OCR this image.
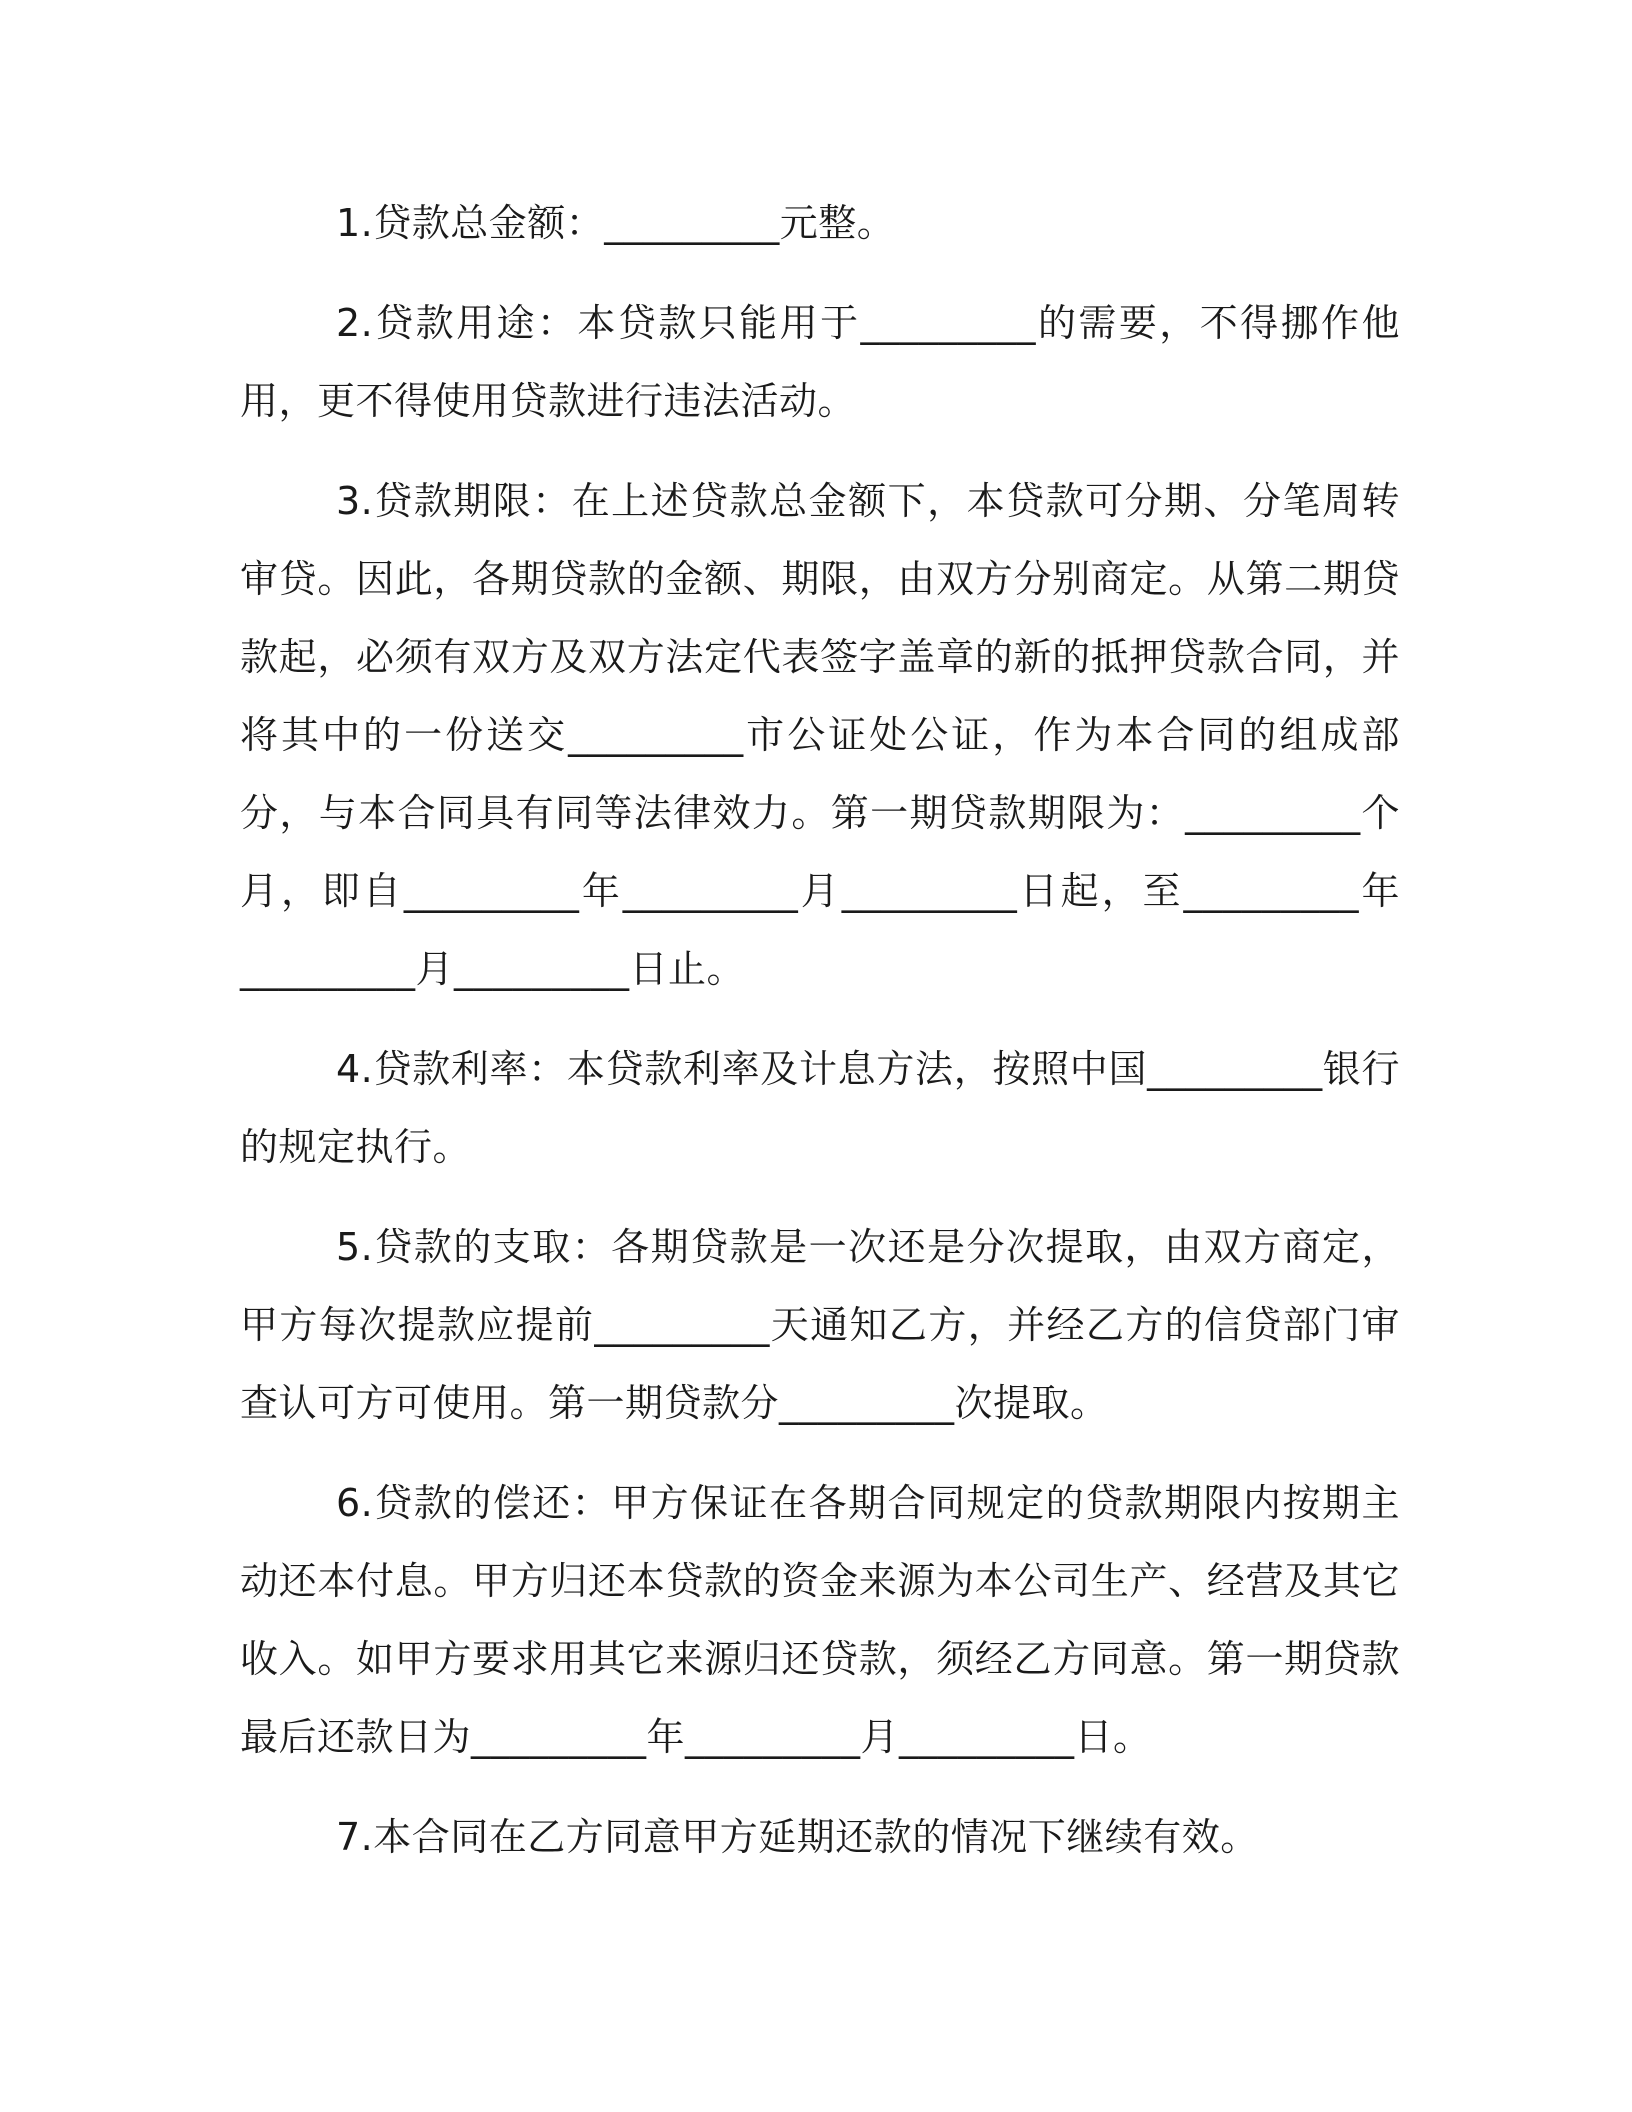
1.贷款总金额：_________元整。

2.贷款用途：本贷款只能用于_________的需要，不得挪作他用，更不得使用贷款进行违法活动。

3.贷款期限：在上述贷款总金额下，本贷款可分期、分笔周转审贷。因此，各期贷款的金额、期限，由双方分别商定。从第二期贷款起，必须有双方及双方法定代表签字盖章的新的抵押贷款合同，并将其中的一份送交_________市公证处公证，作为本合同的组成部分，与本合同具有同等法律效力。第一期贷款期限为：_________个月，即自_________年_________月_________日起，至_________年_________月_________日止。

4.贷款利率：本贷款利率及计息方法，按照中国_________银行的规定执行。

5.贷款的支取：各期贷款是一次还是分次提取，由双方商定，甲方每次提款应提前_________天通知乙方，并经乙方的信贷部门审查认可方可使用。第一期贷款分_________次提取。

6.贷款的偿还：甲方保证在各期合同规定的贷款期限内按期主动还本付息。甲方归还本贷款的资金来源为本公司生产、经营及其它收入。如甲方要求用其它来源归还贷款，须经乙方同意。第一期贷款最后还款日为_________年_________月_________日。

7.本合同在乙方同意甲方延期还款的情况下继续有效。
